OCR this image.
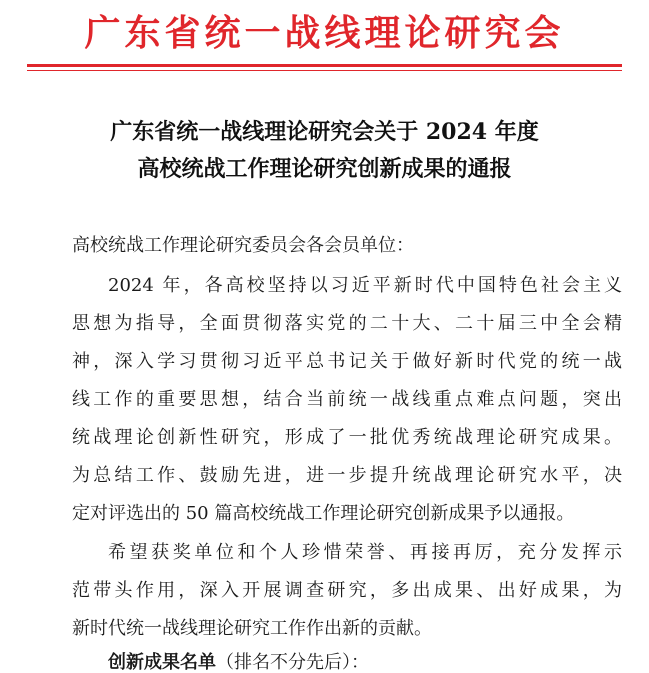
广东省统一战线理论研究会
广东省统一战线理论研究会关于 2024 年度
高校统战工作理论研究创新成果的通报
高校统战工作理论研究委员会各会员单位：
2024 年，各高校坚持以习近平新时代中国特色社会主义
思想为指导，全面贯彻落实党的二十大、二十届三中全会精
神，深入学习贯彻习近平总书记关于做好新时代党的统一战
线工作的重要思想，结合当前统一战线重点难点问题，突出
统战理论创新性研究，形成了一批优秀统战理论研究成果。
为总结工作、鼓励先进，进一步提升统战理论研究水平，决
定对评选出的 50 篇高校统战工作理论研究创新成果予以通报。
希望获奖单位和个人珍惜荣誉、再接再厉，充分发挥示
范带头作用，深入开展调查研究，多出成果、出好成果，为
新时代统一战线理论研究工作作出新的贡献。
创新成果名单（排名不分先后）：
